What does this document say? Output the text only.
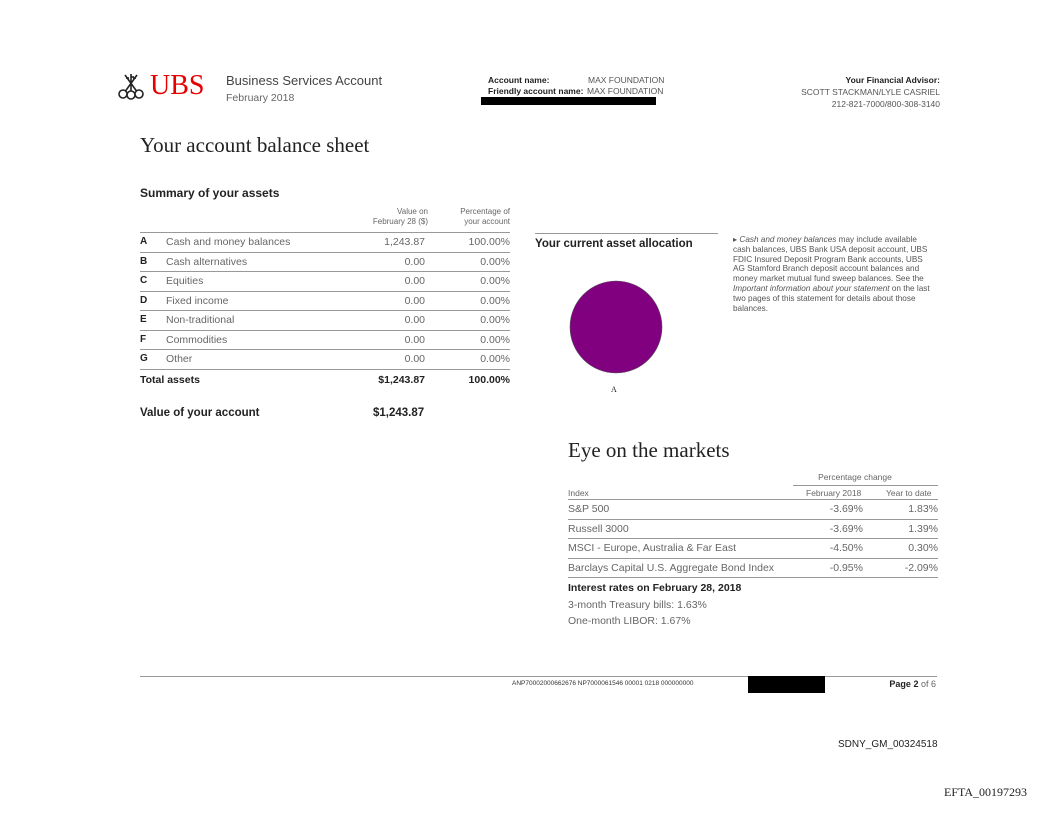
UBS Business Services Account
February 2018
Account name:	MAX FOUNDATION
Friendly account name: MAX FOUNDATION
Your Financial Advisor:
SCOTT STACKMAN/LYLE CASRIEL
212-821-7000/800-308-3140
Your account balance sheet
Summary of your assets
Value on
February 28 ($)
Percentage of
your account
A Cash and money balances	1,243.87	100.00%
B Cash alternatives	0.00	0.00%
C Equities	0.00	0.00%
D Fixed income	0.00	0.00%
E Non-traditional	0.00	0.00%
F Commodities	0.00	0.00%
G Other	0.00	0.00%
Total assets	$1,243.87	100.00%
Value of your account	$1,243.87
Your current asset allocation
A
▸ Cash and money balances may include available cash balances, UBS Bank USA deposit account, UBS FDIC Insured Deposit Program Bank accounts, UBS AG Stamford Branch deposit account balances and money market mutual fund sweep balances. See the Important information about your statement on the last two pages of this statement for details about those balances.
Eye on the markets
Percentage change
Index	February 2018	Year to date
S&P 500	-3.69%	1.83%
Russell 3000	-3.69%	1.39%
MSCI - Europe, Australia & Far East	-4.50%	0.30%
Barclays Capital U.S. Aggregate Bond Index	-0.95%	-2.09%
Interest rates on February 28, 2018
3-month Treasury bills: 1.63%
One-month LIBOR: 1.67%
ANP70002000662676 NP7000061546 00001 0218 000000000	Page 2 of 6
SDNY_GM_00324518
EFTA_00197293
